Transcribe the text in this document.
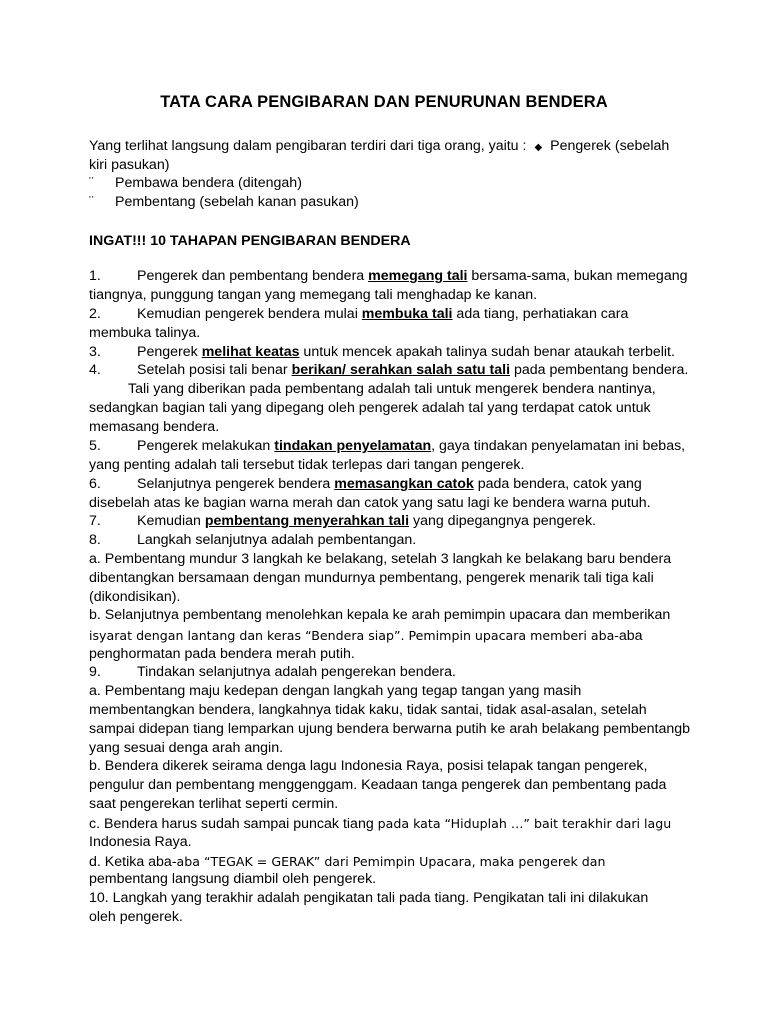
TATA CARA PENGIBARAN DAN PENURUNAN BENDERA
Yang terlihat langsung dalam pengibaran terdiri dari tiga orang, yaitu : ◆ Pengerek (sebelah
kiri pasukan)
¨ Pembawa bendera (ditengah)
¨ Pembentang (sebelah kanan pasukan)
INGAT!!! 10 TAHAPAN PENGIBARAN BENDERA
1.	Pengerek dan pembentang bendera memegang tali bersama-sama, bukan memegang
tiangnya, punggung tangan yang memegang tali menghadap ke kanan.
2.	Kemudian pengerek bendera mulai membuka tali ada tiang, perhatiakan cara
membuka talinya.
3.	Pengerek melihat keatas untuk mencek apakah talinya sudah benar ataukah terbelit.
4.	Setelah posisi tali benar berikan/ serahkan salah satu tali pada pembentang bendera.
Tali yang diberikan pada pembentang adalah tali untuk mengerek bendera nantinya,
sedangkan bagian tali yang dipegang oleh pengerek adalah tal yang terdapat catok untuk
memasang bendera.
5.	Pengerek melakukan tindakan penyelamatan, gaya tindakan penyelamatan ini bebas,
yang penting adalah tali tersebut tidak terlepas dari tangan pengerek.
6.	Selanjutnya pengerek bendera memasangkan catok pada bendera, catok yang
disebelah atas ke bagian warna merah dan catok yang satu lagi ke bendera warna putuh.
7.	Kemudian pembentang menyerahkan tali yang dipegangnya pengerek.
8.	Langkah selanjutnya adalah pembentangan.
a. Pembentang mundur 3 langkah ke belakang, setelah 3 langkah ke belakang baru bendera
dibentangkan bersamaan dengan mundurnya pembentang, pengerek menarik tali tiga kali
(dikondisikan).
b. Selanjutnya pembentang menolehkan kepala ke arah pemimpin upacara dan memberikan
isyarat dengan lantang dan keras “Bendera siap”. Pemimpin upacara memberi aba-aba
penghormatan pada bendera merah putih.
9.	Tindakan selanjutnya adalah pengerekan bendera.
a. Pembentang maju kedepan dengan langkah yang tegap tangan yang masih
membentangkan bendera, langkahnya tidak kaku, tidak santai, tidak asal-asalan, setelah
sampai didepan tiang lemparkan ujung bendera berwarna putih ke arah belakang pembentangb
yang sesuai denga arah angin.
b. Bendera dikerek seirama denga lagu Indonesia Raya, posisi telapak tangan pengerek,
pengulur dan pembentang menggenggam. Keadaan tanga pengerek dan pembentang pada
saat pengerekan terlihat seperti cermin.
c. Bendera harus sudah sampai puncak tiang pada kata “Hiduplah …” bait terakhir dari lagu
Indonesia Raya.
d. Ketika aba-aba “TEGAK = GERAK” dari Pemimpin Upacara, maka pengerek dan
pembentang langsung diambil oleh pengerek.
10. Langkah yang terakhir adalah pengikatan tali pada tiang. Pengikatan tali ini dilakukan
oleh pengerek.
